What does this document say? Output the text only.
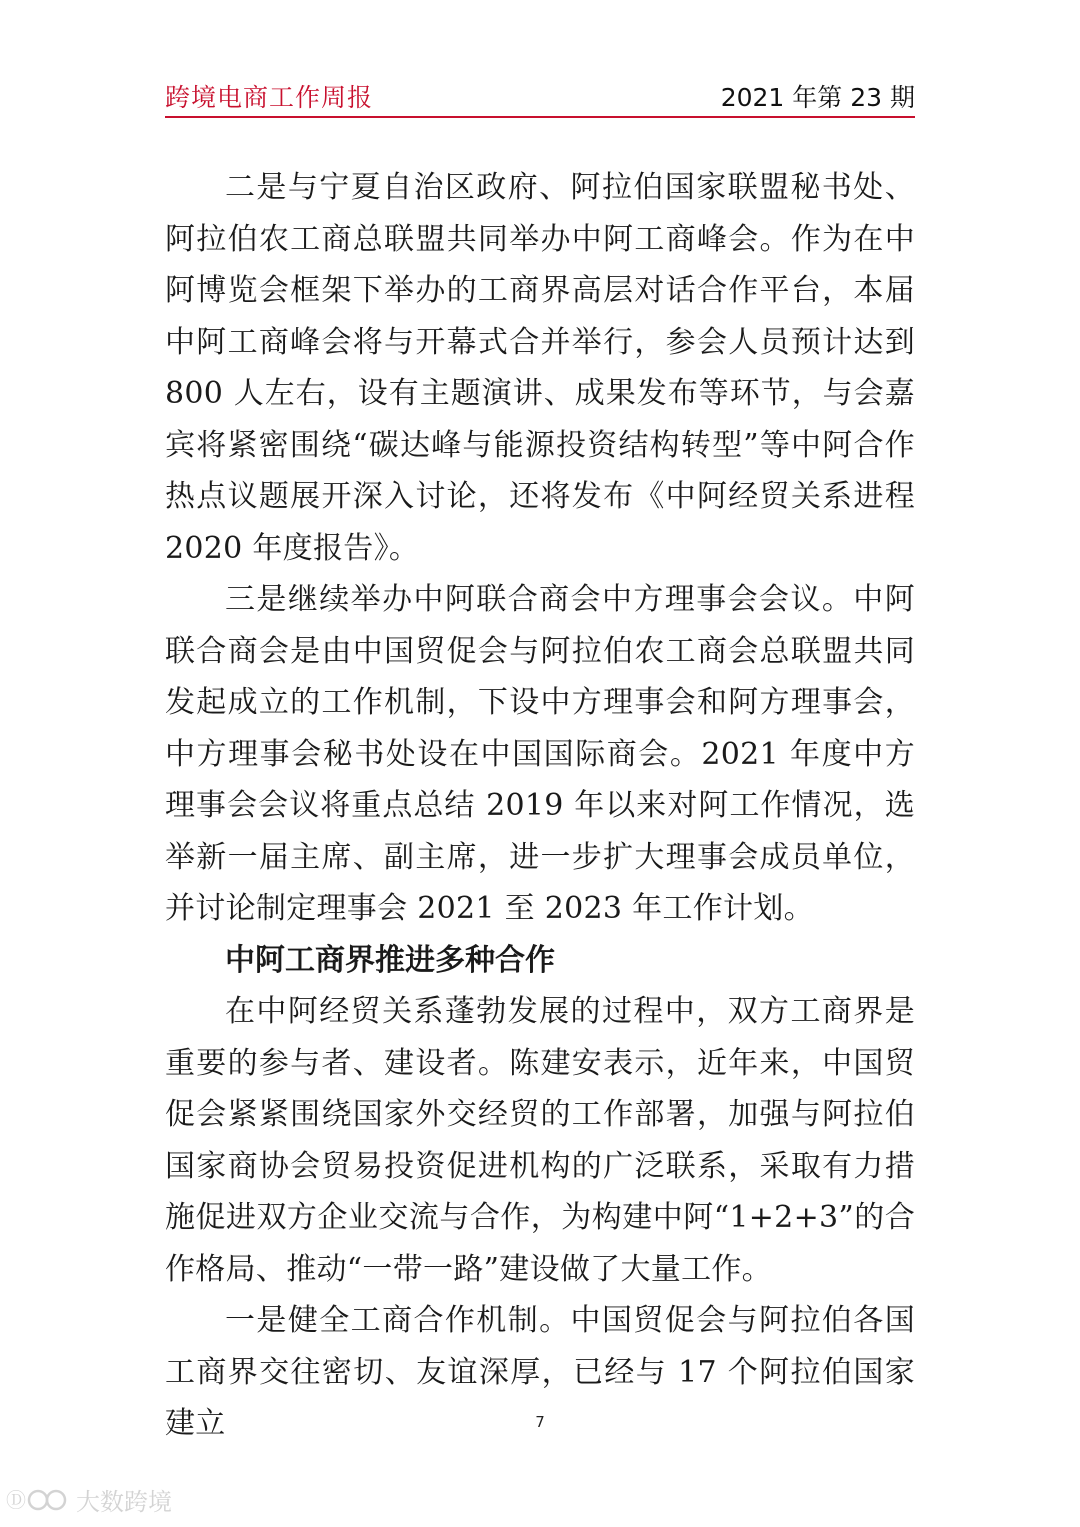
跨境电商工作周报	2021 年第 23 期

二是与宁夏自治区政府、阿拉伯国家联盟秘书处、阿拉伯农工商总联盟共同举办中阿工商峰会。作为在中阿博览会框架下举办的工商界高层对话合作平台，本届中阿工商峰会将与开幕式合并举行，参会人员预计达到 800 人左右，设有主题演讲、成果发布等环节，与会嘉宾将紧密围绕“碳达峰与能源投资结构转型”等中阿合作热点议题展开深入讨论，还将发布《中阿经贸关系进程 2020 年度报告》。

三是继续举办中阿联合商会中方理事会会议。中阿联合商会是由中国贸促会与阿拉伯农工商会总联盟共同发起成立的工作机制，下设中方理事会和阿方理事会，中方理事会秘书处设在中国国际商会。2021 年度中方理事会会议将重点总结 2019 年以来对阿工作情况，选举新一届主席、副主席，进一步扩大理事会成员单位，并讨论制定理事会 2021 至 2023 年工作计划。

中阿工商界推进多种合作

在中阿经贸关系蓬勃发展的过程中，双方工商界是重要的参与者、建设者。陈建安表示，近年来，中国贸促会紧紧围绕国家外交经贸的工作部署，加强与阿拉伯国家商协会贸易投资促进机构的广泛联系，采取有力措施促进双方企业交流与合作，为构建中阿“1+2+3”的合作格局、推动“一带一路”建设做了大量工作。

一是健全工商合作机制。中国贸促会与阿拉伯各国工商界交往密切、友谊深厚，已经与 17 个阿拉伯国家建立	7
Ⓓ 大数跨境
